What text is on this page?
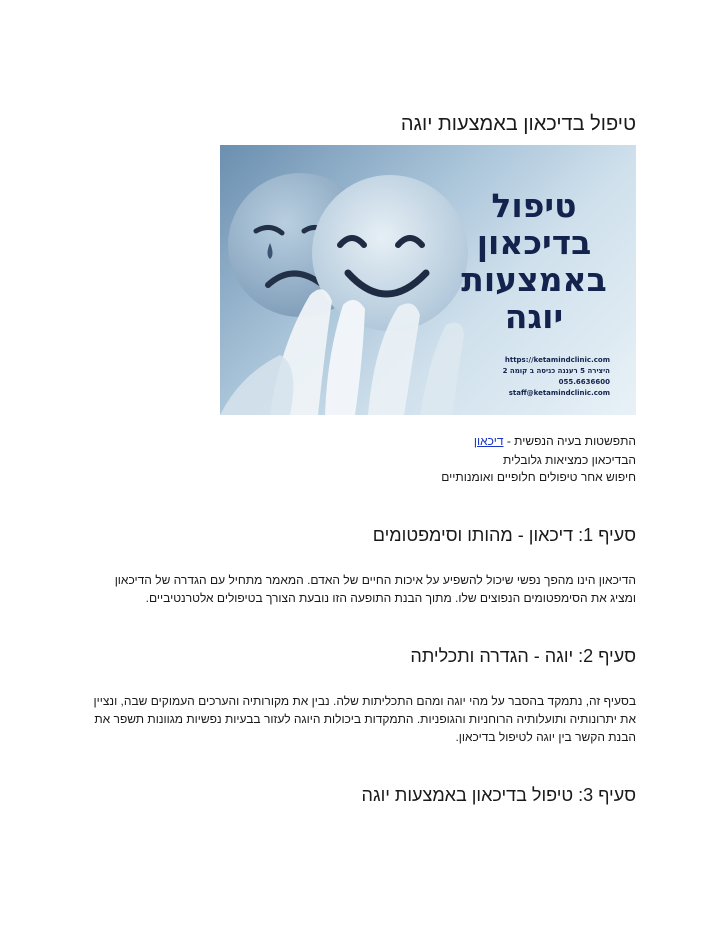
טיפול בדיכאון באמצעות יוגה
טיפול
בדיכאון
באמצעות
יוגה
https://ketamindclinic.com
היצירה 5 רעננה כניסה ב קומה 2
055.6636600
staff@ketamindclinic.com
התפשטות בעיה הנפשית - דיכאון
הבדיכאון כמציאות גלובלית
חיפוש אחר טיפולים חלופיים ואומנותיים
סעיף 1: דיכאון - מהותו וסימפטומים
הדיכאון הינו מהפך נפשי שיכול להשפיע על איכות החיים של האדם. המאמר מתחיל עם הגדרה של הדיכאון
ומציג את הסימפטומים הנפוצים שלו. מתוך הבנת התופעה הזו נובעת הצורך בטיפולים אלטרנטיביים.
סעיף 2: יוגה - הגדרה ותכליתה
בסעיף זה, נתמקד בהסבר על מהי יוגה ומהם התכליתות שלה. נבין את מקורותיה והערכים העמוקים שבה, ונציין
את יתרונותיה ותועלותיה הרוחניות והגופניות. התמקדות ביכולות היוגה לעזור בבעיות נפשיות מגוונות תשפר את
הבנת הקשר בין יוגה לטיפול בדיכאון.
סעיף 3: טיפול בדיכאון באמצעות יוגה
